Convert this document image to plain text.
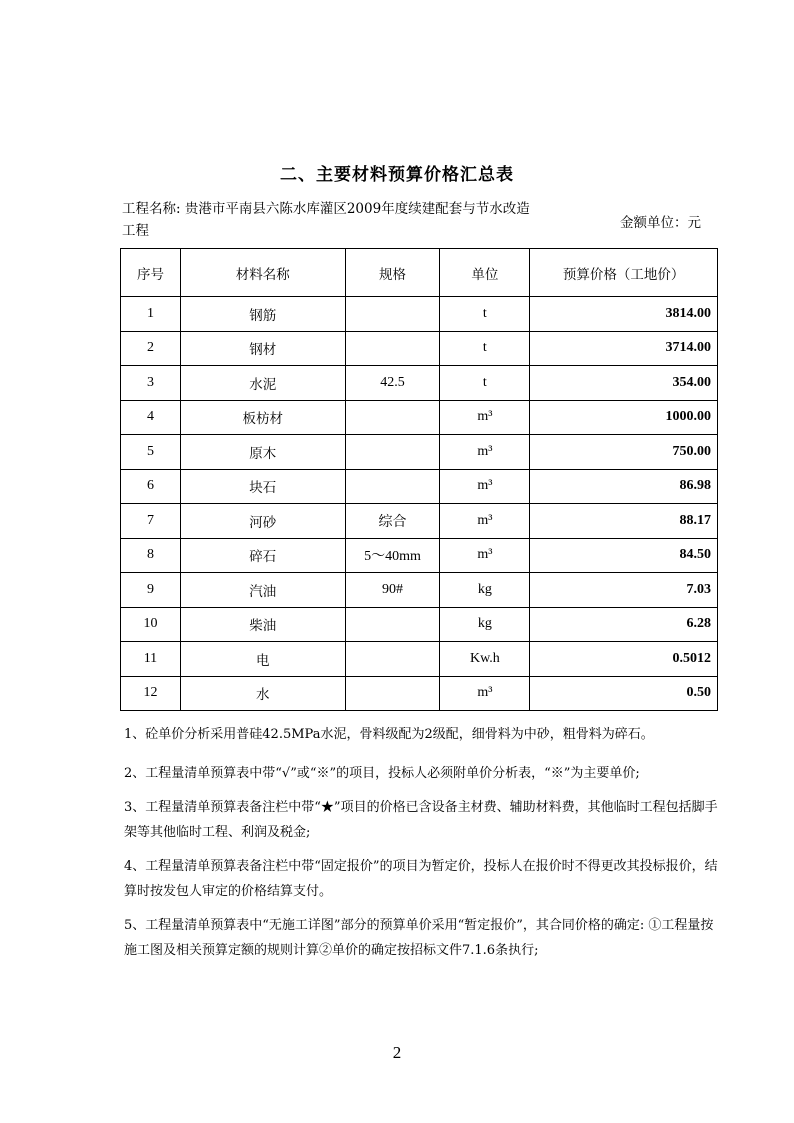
二、主要材料预算价格汇总表
工程名称: 贵港市平南县六陈水库灌区2009年度续建配套与节水改造工程	金额单位：元
序号	材料名称	规格	单位	预算价格（工地价）
1	钢筋		t	3814.00
2	钢材		t	3714.00
3	水泥	42.5	t	354.00
4	板枋材		m³	1000.00
5	原木		m³	750.00
6	块石		m³	86.98
7	河砂	综合	m³	88.17
8	碎石	5～40mm	m³	84.50
9	汽油	90#	kg	7.03
10	柴油		kg	6.28
11	电		Kw.h	0.5012
12	水		m³	0.50

1、砼单价分析采用普硅42.5MPa水泥，骨料级配为2级配，细骨料为中砂，粗骨料为碎石。

2、工程量清单预算表中带“√”或“※”的项目，投标人必须附单价分析表，“※”为主要单价;

3、工程量清单预算表备注栏中带“★”项目的价格已含设备主材费、辅助材料费，其他临时工程包括脚手架等其他临时工程、利润及税金;

4、工程量清单预算表备注栏中带“固定报价”的项目为暂定价，投标人在报价时不得更改其投标报价，结算时按发包人审定的价格结算支付。

5、工程量清单预算表中“无施工详图”部分的预算单价采用“暂定报价”，其合同价格的确定: ①工程量按施工图及相关预算定额的规则计算②单价的确定按招标文件7.1.6条执行;

2
